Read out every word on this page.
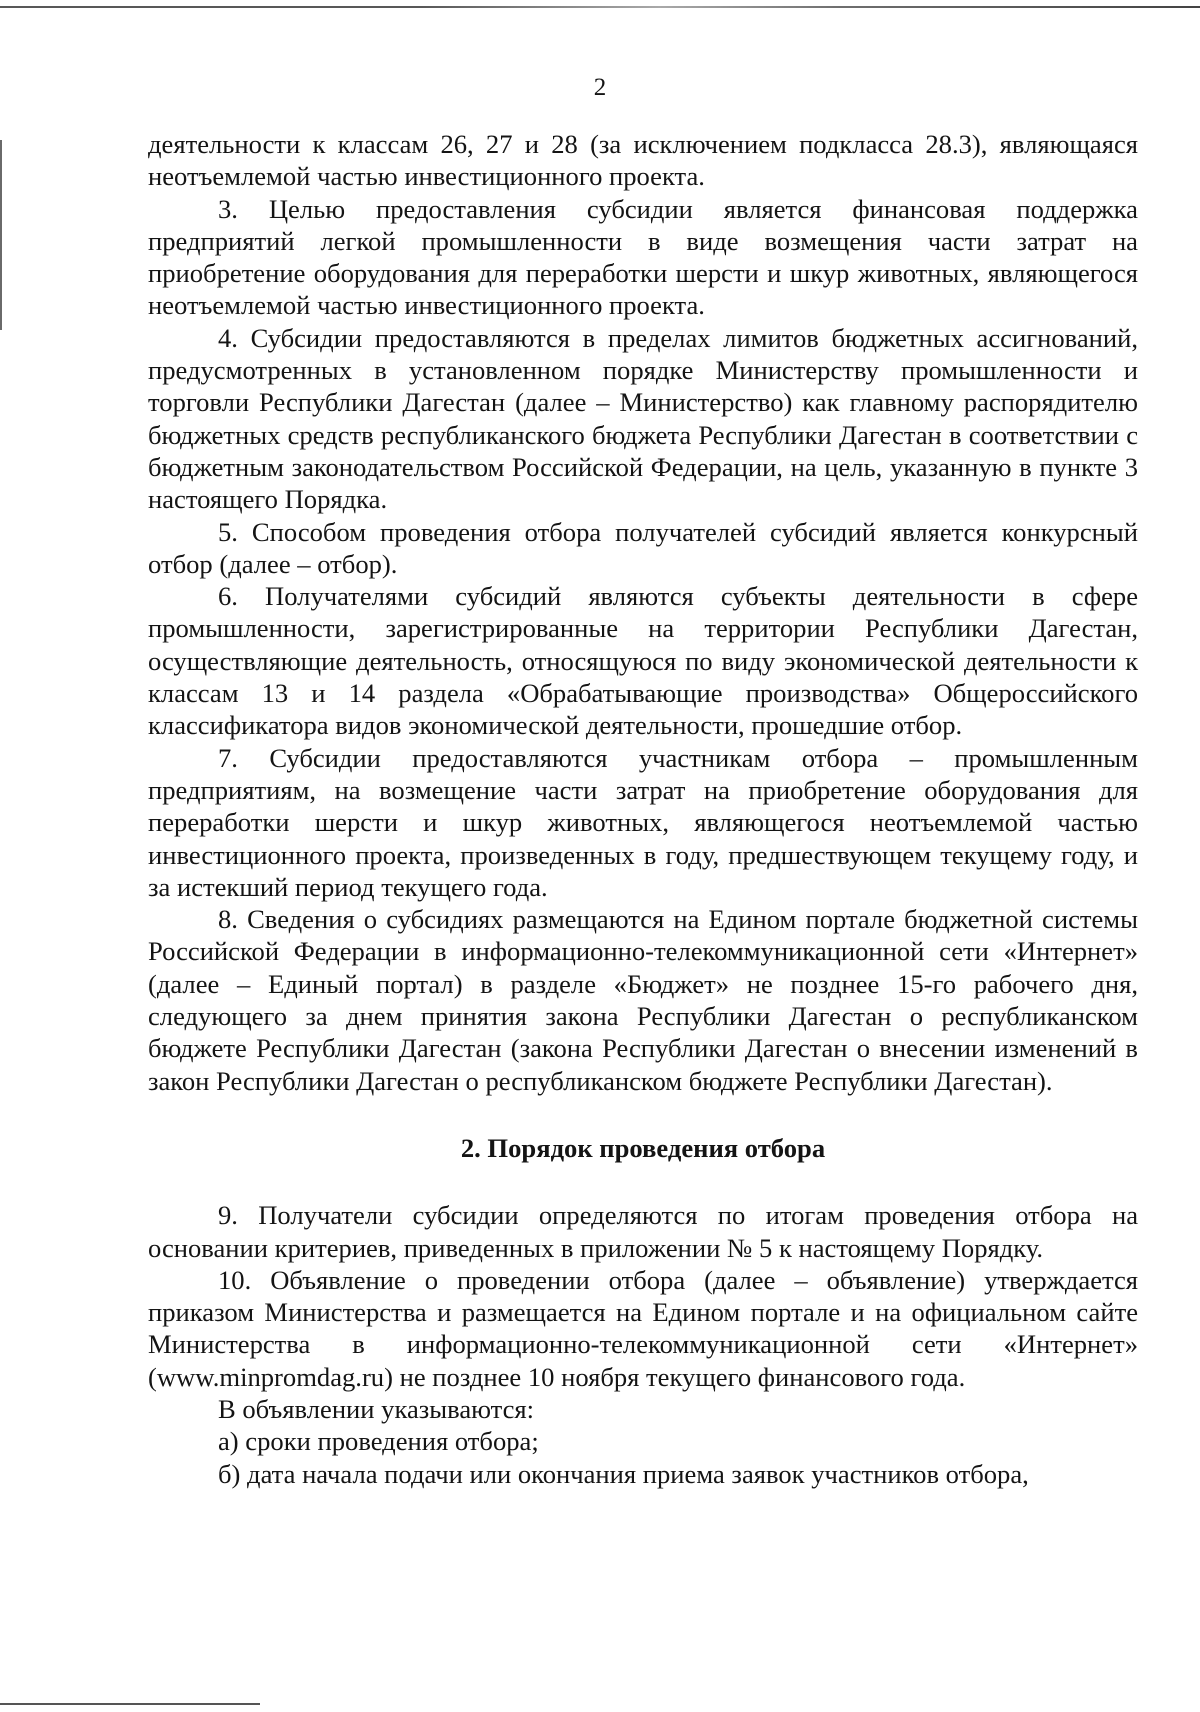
2

деятельности к классам 26, 27 и 28 (за исключением подкласса 28.3), являющаяся неотъемлемой частью инвестиционного проекта.

3. Целью предоставления субсидии является финансовая поддержка предприятий легкой промышленности в виде возмещения части затрат на приобретение оборудования для переработки шерсти и шкур животных, являющегося неотъемлемой частью инвестиционного проекта.

4. Субсидии предоставляются в пределах лимитов бюджетных ассигнований, предусмотренных в установленном порядке Министерству промышленности и торговли Республики Дагестан (далее – Министерство) как главному распорядителю бюджетных средств республиканского бюджета Республики Дагестан в соответствии с бюджетным законодательством Российской Федерации, на цель, указанную в пункте 3 настоящего Порядка.

5. Способом проведения отбора получателей субсидий является конкурсный отбор (далее – отбор).

6. Получателями субсидий являются субъекты деятельности в сфере промышленности, зарегистрированные на территории Республики Дагестан, осуществляющие деятельность, относящуюся по виду экономической деятельности к классам 13 и 14 раздела «Обрабатывающие производства» Общероссийского классификатора видов экономической деятельности, прошедшие отбор.

7. Субсидии предоставляются участникам отбора – промышленным предприятиям, на возмещение части затрат на приобретение оборудования для переработки шерсти и шкур животных, являющегося неотъемлемой частью инвестиционного проекта, произведенных в году, предшествующем текущему году, и за истекший период текущего года.

8. Сведения о субсидиях размещаются на Едином портале бюджетной системы Российской Федерации в информационно-телекоммуникационной сети «Интернет» (далее – Единый портал) в разделе «Бюджет» не позднее 15-го рабочего дня, следующего за днем принятия закона Республики Дагестан о республиканском бюджете Республики Дагестан (закона Республики Дагестан о внесении изменений в закон Республики Дагестан о республиканском бюджете Республики Дагестан).

2. Порядок проведения отбора

9. Получатели субсидии определяются по итогам проведения отбора на основании критериев, приведенных в приложении № 5 к настоящему Порядку.

10. Объявление о проведении отбора (далее – объявление) утверждается приказом Министерства и размещается на Едином портале и на официальном сайте Министерства в информационно-телекоммуникационной сети «Интернет» (www.minpromdag.ru) не позднее 10 ноября текущего финансового года.

В объявлении указываются:

а) сроки проведения отбора;

б) дата начала подачи или окончания приема заявок участников отбора,
